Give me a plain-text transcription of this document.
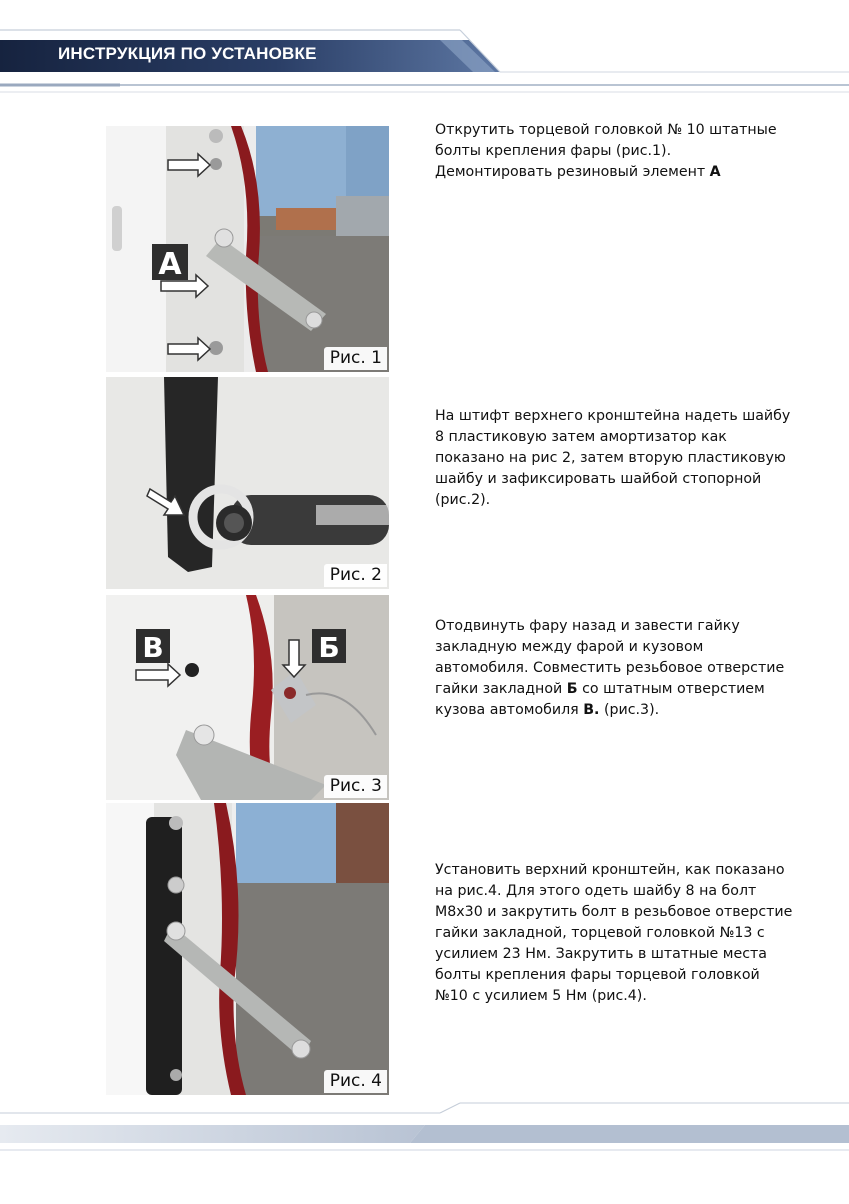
ИНСТРУКЦИЯ ПО УСТАНОВКЕ
А
Рис. 1
Рис. 2
В	Б
Рис. 3
Рис. 4
Открутить торцевой головкой № 10 штатные болты крепления фары (рис.1).
Демонтировать резиновый элемент А
На штифт верхнего кронштейна надеть шайбу 8 пластиковую затем амортизатор как показано на рис 2, затем вторую пластиковую шайбу и зафиксировать шайбой стопорной (рис.2).
Отодвинуть фару назад и завести гайку закладную между фарой и кузовом автомобиля. Совместить резьбовое отверстие гайки закладной Б со штатным отверстием кузова автомобиля В. (рис.3).
Установить верхний кронштейн, как показано на рис.4. Для этого одеть шайбу 8 на болт М8х30 и закрутить болт в резьбовое отверстие гайки закладной, торцевой головкой №13 с усилием 23 Нм. Закрутить в штатные места болты крепления фары торцевой головкой №10 с усилием 5 Нм (рис.4).
